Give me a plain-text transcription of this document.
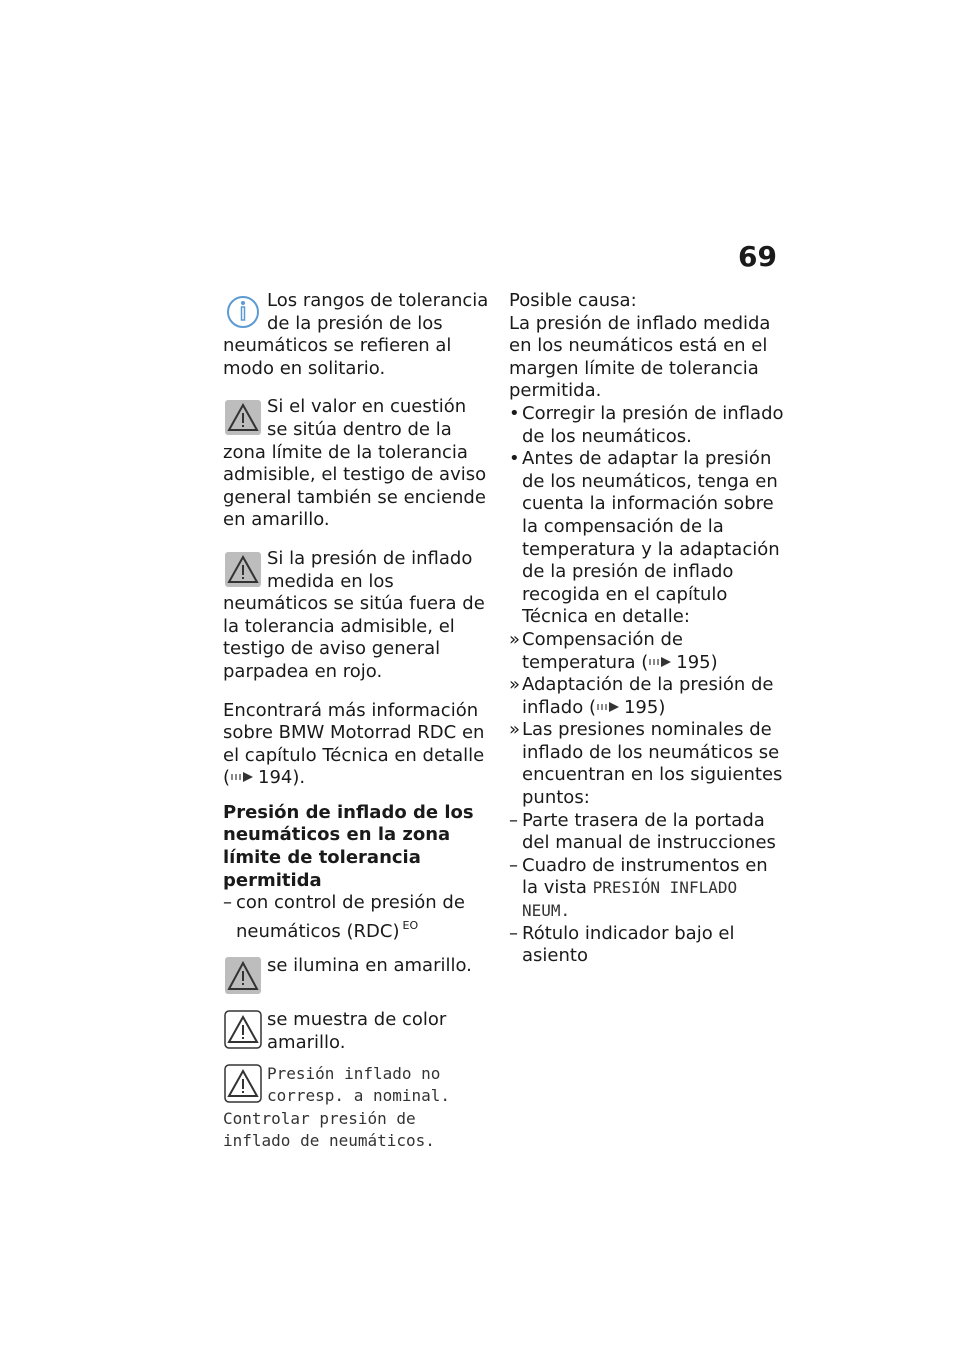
69

Los rangos de tolerancia de la presión de los neumáticos se refieren al modo en solitario.

Si el valor en cuestión se sitúa dentro de la zona límite de la tolerancia admisible, el testigo de aviso general también se enciende en amarillo.

Si la presión de inflado medida en los neumáticos se sitúa fuera de la tolerancia admisible, el testigo de aviso general parpadea en rojo.

Encontrará más información sobre BMW Motorrad RDC en el capítulo Técnica en detalle ( 194).

Presión de inflado de los neumáticos en la zona límite de tolerancia permitida

– con control de presión de neumáticos (RDC) $^{EO}$

se ilumina en amarillo.

se muestra de color amarillo.

Presión inflado no corresp. a nominal. Controlar presión de inflado de neumáticos.

Posible causa:

La presión de inflado medida en los neumáticos está en el margen límite de tolerancia permitida.

• Corregir la presión de inflado de los neumáticos.
• Antes de adaptar la presión de los neumáticos, tenga en cuenta la información sobre la compensación de la temperatura y la adaptación de la presión de inflado recogida en el capítulo Técnica en detalle:
» Compensación de temperatura ( 195)
» Adaptación de la presión de inflado ( 195)
» Las presiones nominales de inflado de los neumáticos se encuentran en los siguientes puntos:
– Parte trasera de la portada del manual de instrucciones
– Cuadro de instrumentos en la vista PRESIÓN INFLADO NEUM.
– Rótulo indicador bajo el asiento
